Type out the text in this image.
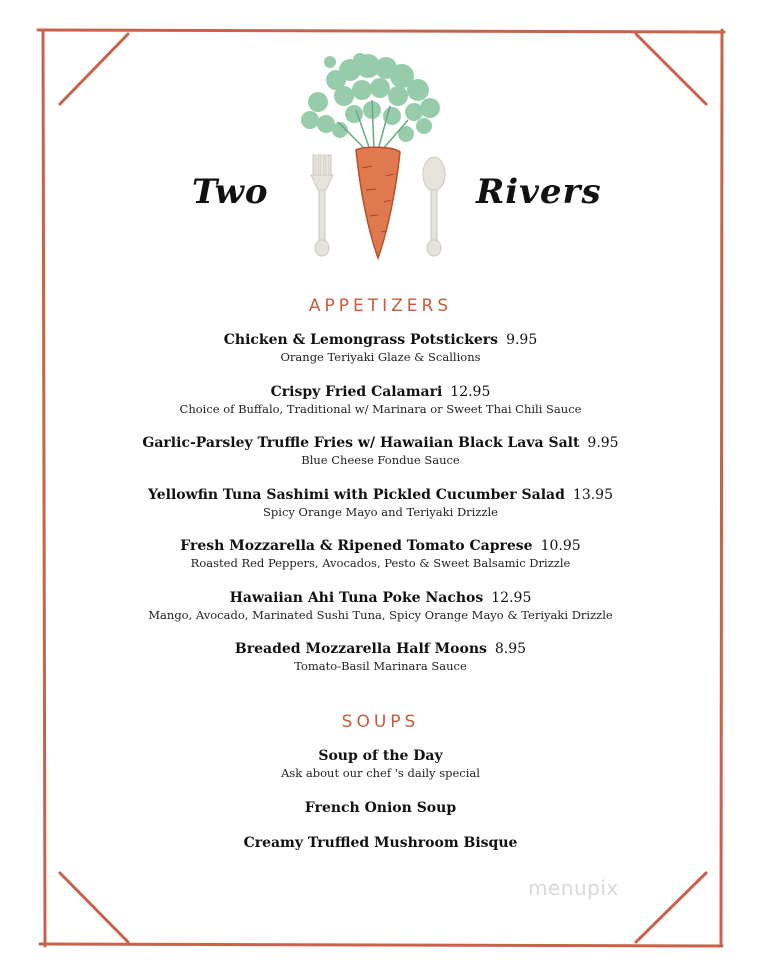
Two	Rivers
APPETIZERS
Chicken & Lemongrass Potstickers 9.95
Orange Teriyaki Glaze & Scallions
Crispy Fried Calamari 12.95
Choice of Buffalo, Traditional w/ Marinara or Sweet Thai Chili Sauce
Garlic-Parsley Truffle Fries w/ Hawaiian Black Lava Salt 9.95
Blue Cheese Fondue Sauce
Yellowfin Tuna Sashimi with Pickled Cucumber Salad 13.95
Spicy Orange Mayo and Teriyaki Drizzle
Fresh Mozzarella & Ripened Tomato Caprese 10.95
Roasted Red Peppers, Avocados, Pesto & Sweet Balsamic Drizzle
Hawaiian Ahi Tuna Poke Nachos 12.95
Mango, Avocado, Marinated Sushi Tuna, Spicy Orange Mayo & Teriyaki Drizzle
Breaded Mozzarella Half Moons 8.95
Tomato-Basil Marinara Sauce
SOUPS
Soup of the Day
Ask about our chef 's daily special
French Onion Soup
Creamy Truffled Mushroom Bisque
menupix
